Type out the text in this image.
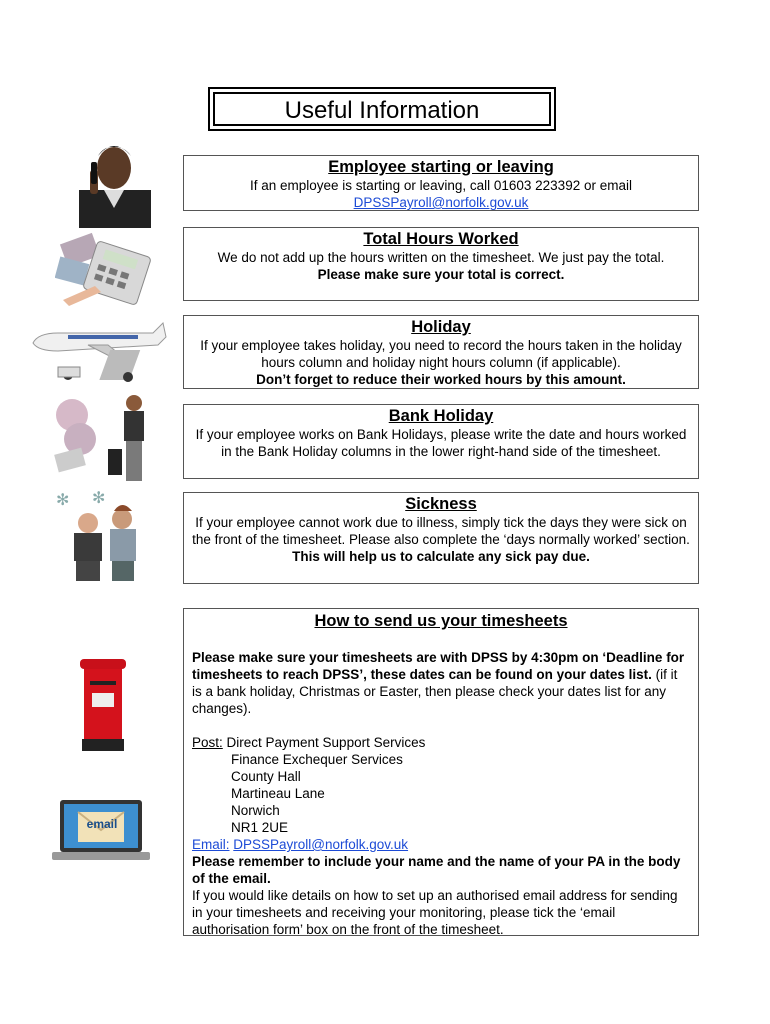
Useful Information
✻ ✻
email
Employee starting or leaving
If an employee is starting or leaving, call 01603 223392 or email
DPSSPayroll@norfolk.gov.uk
Total Hours Worked
We do not add up the hours written on the timesheet. We just pay the total.
Please make sure your total is correct.
Holiday
If your employee takes holiday, you need to record the hours taken in the holiday hours column and holiday night hours column (if applicable).
Don’t forget to reduce their worked hours by this amount.
Bank Holiday
If your employee works on Bank Holidays, please write the date and hours worked in the Bank Holiday columns in the lower right-hand side of the timesheet.
Sickness
If your employee cannot work due to illness, simply tick the days they were sick on the front of the timesheet. Please also complete the ‘days normally worked’ section.
This will help us to calculate any sick pay due.
How to send us your timesheets

Please make sure your timesheets are with DPSS by 4:30pm on ‘Deadline for timesheets to reach DPSS’, these dates can be found on your dates list. (if it is a bank holiday, Christmas or Easter, then please check your dates list for any changes).

Post: Direct Payment Support Services

Finance Exchequer Services

County Hall

Martineau Lane

Norwich

NR1 2UE

Email: DPSSPayroll@norfolk.gov.uk

Please remember to include your name and the name of your PA in the body of the email.

If you would like details on how to set up an authorised email address for sending in your timesheets and receiving your monitoring, please tick the ‘email authorisation form’ box on the front of the timesheet.
